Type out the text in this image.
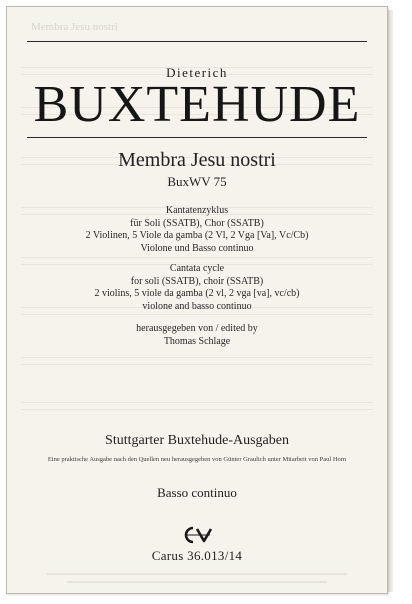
Membra Jesu nostri
Dieterich
BUXTEHUDE
Membra Jesu nostri
BuxWV 75
Kantatenzyklus
für Soli (SSATB), Chor (SSATB)
2 Violinen, 5 Viole da gamba (2 Vl, 2 Vga [Va], Vc/Cb)
Violone und Basso continuo
Cantata cycle
for soli (SSATB), choir (SSATB)
2 violins, 5 viole da gamba (2 vl, 2 vga [va], vc/cb)
violone and basso continuo
herausgegeben von / edited by
Thomas Schlage
Stuttgarter Buxtehude-Ausgaben
Eine praktische Ausgabe nach den Quellen neu herausgegeben von Günter Graulich unter Mitarbeit von Paul Horn
Basso continuo
Carus 36.013/14
